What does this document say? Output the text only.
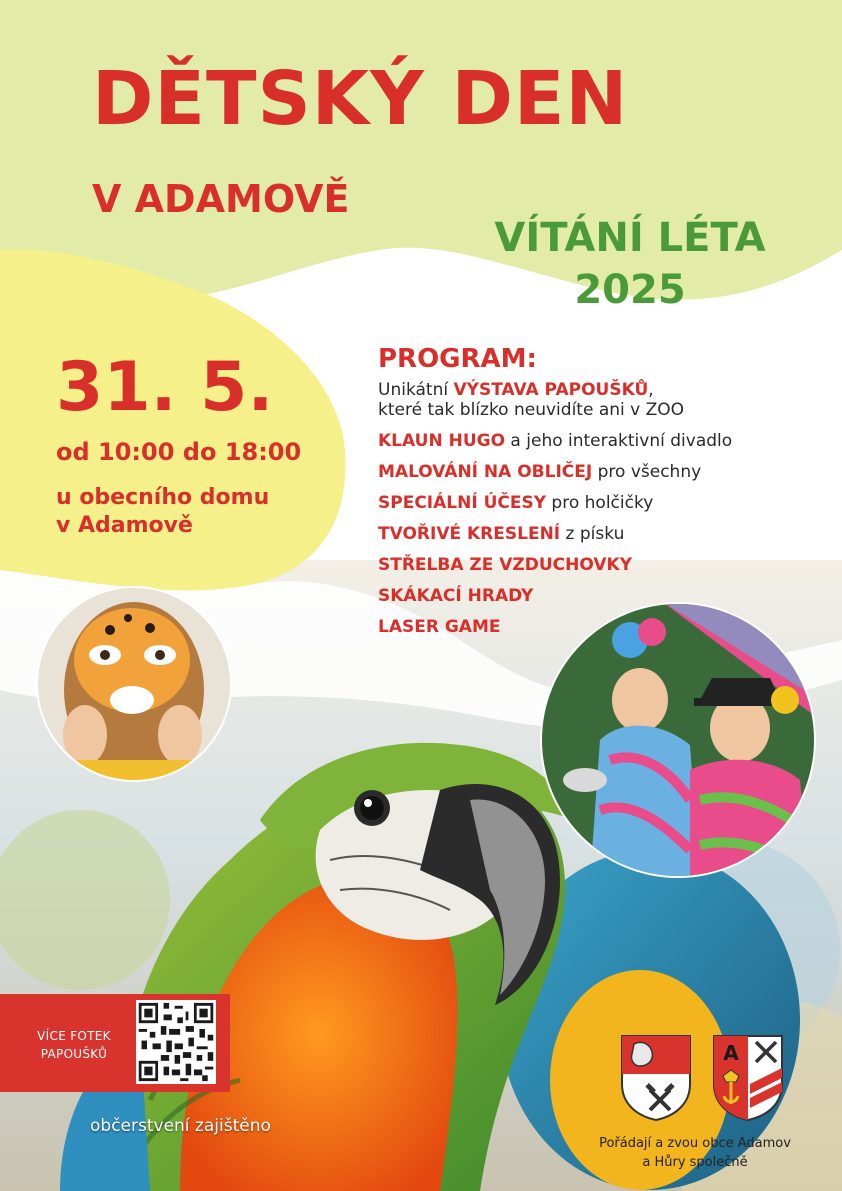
DĚTSKÝ DEN
V ADAMOVĚ
VÍTÁNÍ LÉTA
2025
31. 5.
od 10:00 do 18:00
u obecního domu
v Adamově
PROGRAM:
Unikátní VÝSTAVA PAPOUŠKŮ,
které tak blízko neuvidíte ani v ZOO
KLAUN HUGO a jeho interaktivní divadlo
MALOVÁNÍ NA OBLIČEJ pro všechny
SPECIÁLNÍ ÚČESY pro holčičky
TVOŘIVÉ KRESLENÍ z písku
STŘELBA ZE VZDUCHOVKY
SKÁKACÍ HRADY
LASER GAME
VÍCE FOTEK
PAPOUŠKŮ
občerstvení zajištěno
A
Pořádají a zvou obce Adamov
a Hůry společně
